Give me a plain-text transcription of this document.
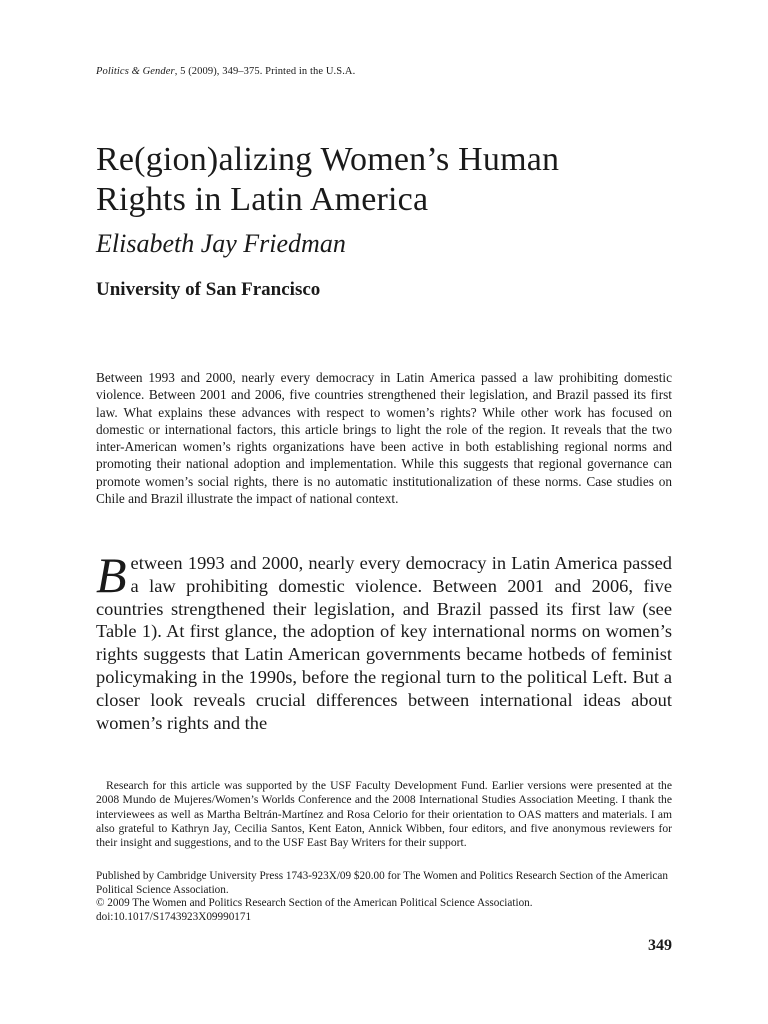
Politics & Gender, 5 (2009), 349–375. Printed in the U.S.A.
Re(gion)alizing Women’s Human
Rights in Latin America
Elisabeth Jay Friedman
University of San Francisco

Between 1993 and 2000, nearly every democracy in Latin America passed a law prohibiting domestic violence. Between 2001 and 2006, five countries strengthened their legislation, and Brazil passed its first law. What explains these advances with respect to women’s rights? While other work has focused on domestic or international factors, this article brings to light the role of the region. It reveals that the two inter-American women’s rights organizations have been active in both establishing regional norms and promoting their national adoption and implementation. While this suggests that regional governance can promote women’s social rights, there is no automatic institutionalization of these norms. Case studies on Chile and Brazil illustrate the impact of national context.

Between 1993 and 2000, nearly every democracy in Latin America passed a law prohibiting domestic violence. Between 2001 and 2006, five countries strengthened their legislation, and Brazil passed its first law (see Table 1). At first glance, the adoption of key international norms on women’s rights suggests that Latin American governments became hotbeds of feminist policymaking in the 1990s, before the regional turn to the political Left. But a closer look reveals crucial differences between international ideas about women’s rights and the

Research for this article was supported by the USF Faculty Development Fund. Earlier versions were presented at the 2008 Mundo de Mujeres/Women’s Worlds Conference and the 2008 International Studies Association Meeting. I thank the interviewees as well as Martha Beltrán-Martínez and Rosa Celorio for their orientation to OAS matters and materials. I am also grateful to Kathryn Jay, Cecilia Santos, Kent Eaton, Annick Wibben, four editors, and five anonymous reviewers for their insight and suggestions, and to the USF East Bay Writers for their support.

Published by Cambridge University Press 1743-923X/09 $20.00 for The Women and Politics Research Section of the American Political Science Association.
© 2009 The Women and Politics Research Section of the American Political Science Association.
doi:10.1017/S1743923X09990171
349
